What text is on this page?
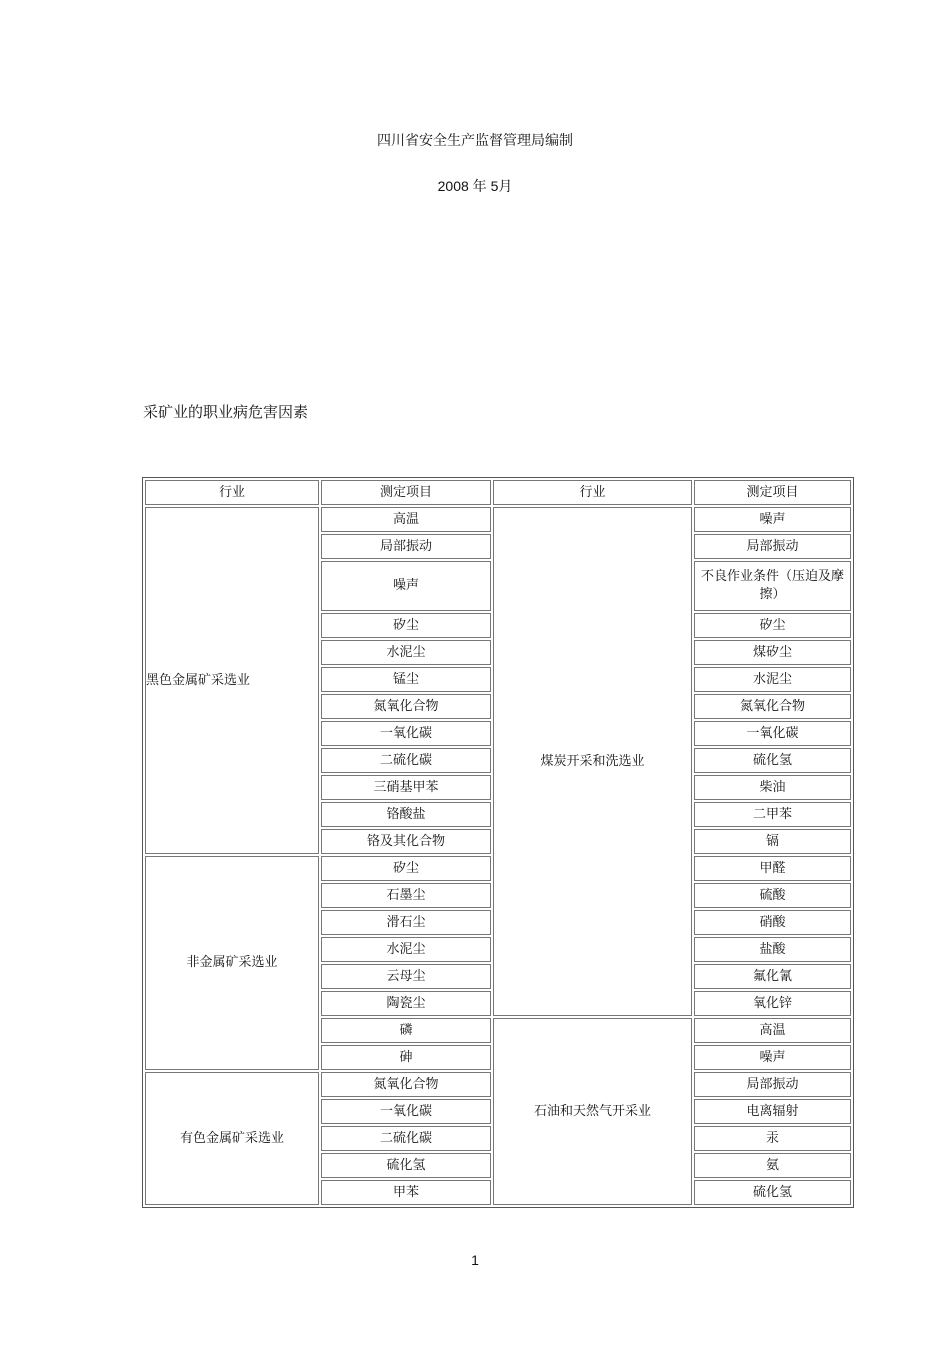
四川省安全生产监督管理局编制
2008 年 5月
采矿业的职业病危害因素
行业	测定项目	行业	测定项目
黑色金属矿采选业	高温	煤炭开采和洗选业	噪声
	局部振动		局部振动
	噪声		不良作业条件（压迫及摩擦）
	矽尘		矽尘
	水泥尘		煤矽尘
	锰尘		水泥尘
	氮氧化合物		氮氧化合物
	一氧化碳		一氧化碳
	二硫化碳		硫化氢
	三硝基甲苯		柴油
	铬酸盐		二甲苯
	铬及其化合物		镉
非金属矿采选业	矽尘		甲醛
	石墨尘		硫酸
	滑石尘		硝酸
	水泥尘		盐酸
	云母尘		氟化氰
	陶瓷尘		氧化锌
	磷	石油和天然气开采业	高温
	砷		噪声
有色金属矿采选业	氮氧化合物		局部振动
	一氧化碳		电离辐射
	二硫化碳		汞
	硫化氢		氨
	甲苯		硫化氢
1
